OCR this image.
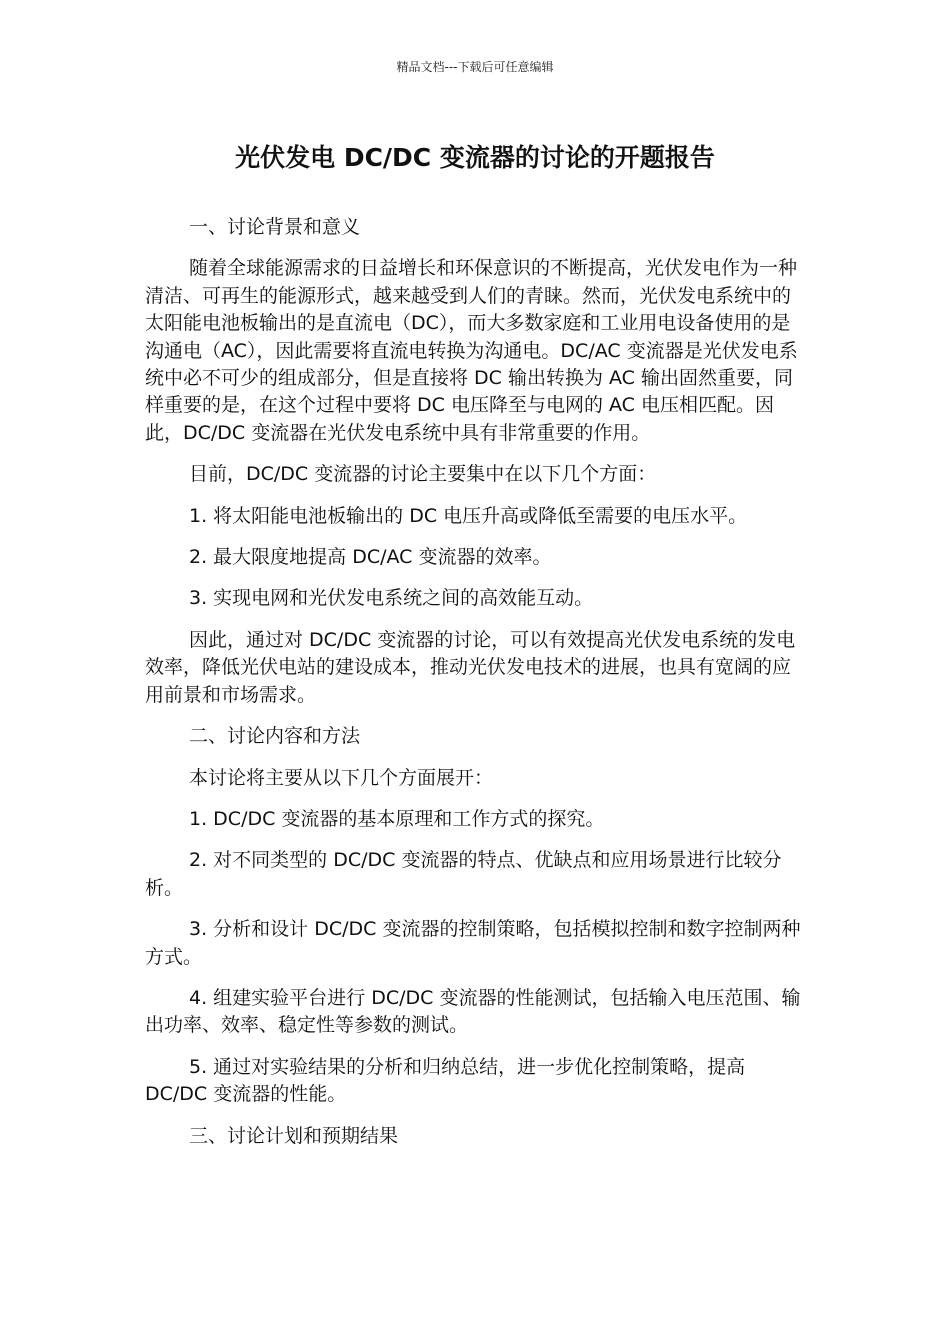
精品文档---下载后可任意编辑
光伏发电 DC/DC 变流器的讨论的开题报告

一、讨论背景和意义

随着全球能源需求的日益增长和环保意识的不断提高，光伏发电作为一种清洁、可再生的能源形式，越来越受到人们的青睐。然而，光伏发电系统中的太阳能电池板输出的是直流电（DC），而大多数家庭和工业用电设备使用的是沟通电（AC），因此需要将直流电转换为沟通电。DC/AC 变流器是光伏发电系统中必不可少的组成部分，但是直接将 DC 输出转换为 AC 输出固然重要，同样重要的是，在这个过程中要将 DC 电压降至与电网的 AC 电压相匹配。因此，DC/DC 变流器在光伏发电系统中具有非常重要的作用。

目前，DC/DC 变流器的讨论主要集中在以下几个方面：

1. 将太阳能电池板输出的 DC 电压升高或降低至需要的电压水平。

2. 最大限度地提高 DC/AC 变流器的效率。

3. 实现电网和光伏发电系统之间的高效能互动。

因此，通过对 DC/DC 变流器的讨论，可以有效提高光伏发电系统的发电效率，降低光伏电站的建设成本，推动光伏发电技术的进展，也具有宽阔的应用前景和市场需求。

二、讨论内容和方法

本讨论将主要从以下几个方面展开：

1. DC/DC 变流器的基本原理和工作方式的探究。

2. 对不同类型的 DC/DC 变流器的特点、优缺点和应用场景进行比较分析。

3. 分析和设计 DC/DC 变流器的控制策略，包括模拟控制和数字控制两种方式。

4. 组建实验平台进行 DC/DC 变流器的性能测试，包括输入电压范围、输出功率、效率、稳定性等参数的测试。

5. 通过对实验结果的分析和归纳总结，进一步优化控制策略，提高 DC/DC 变流器的性能。

三、讨论计划和预期结果
